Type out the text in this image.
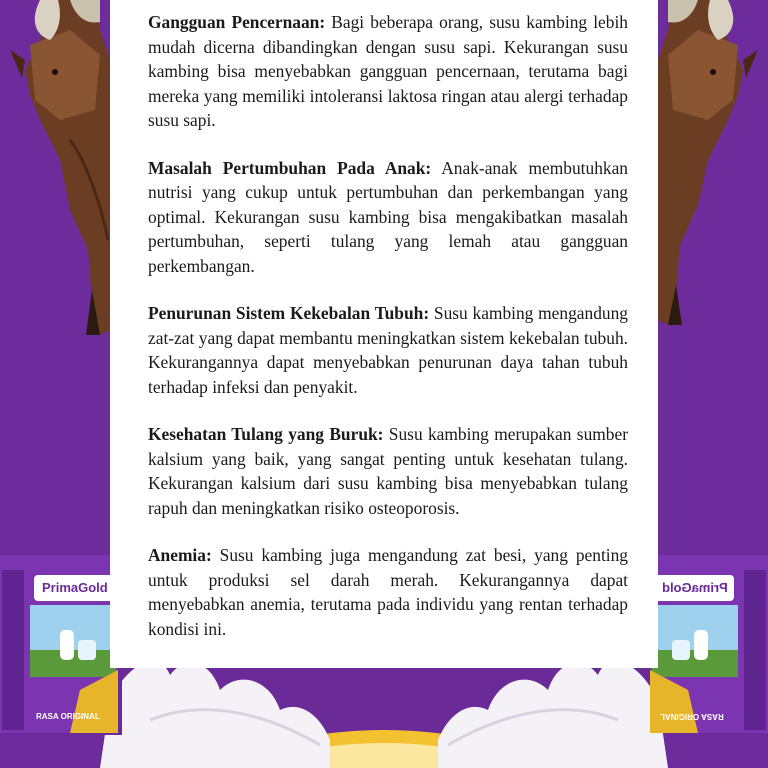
PrimaGold
RASA ORIGINAL
PrimaGold
RASA ORIGINAL

Gangguan Pencernaan: Bagi beberapa orang, susu kambing lebih mudah dicerna dibandingkan dengan susu sapi. Kekurangan susu kambing bisa menyebabkan gangguan pencernaan, terutama bagi mereka yang memiliki intoleransi laktosa ringan atau alergi terhadap susu sapi.

Masalah Pertumbuhan Pada Anak: Anak-anak membutuhkan nutrisi yang cukup untuk pertumbuhan dan perkembangan yang optimal. Kekurangan susu kambing bisa mengakibatkan masalah pertumbuhan, seperti tulang yang lemah atau gangguan perkembangan.

Penurunan Sistem Kekebalan Tubuh: Susu kambing mengandung zat-zat yang dapat membantu meningkatkan sistem kekebalan tubuh. Kekurangannya dapat menyebabkan penurunan daya tahan tubuh terhadap infeksi dan penyakit.

Kesehatan Tulang yang Buruk: Susu kambing merupakan sumber kalsium yang baik, yang sangat penting untuk kesehatan tulang. Kekurangan kalsium dari susu kambing bisa menyebabkan tulang rapuh dan meningkatkan risiko osteoporosis.

Anemia: Susu kambing juga mengandung zat besi, yang penting untuk produksi sel darah merah. Kekurangannya dapat menyebabkan anemia, terutama pada individu yang rentan terhadap kondisi ini.
